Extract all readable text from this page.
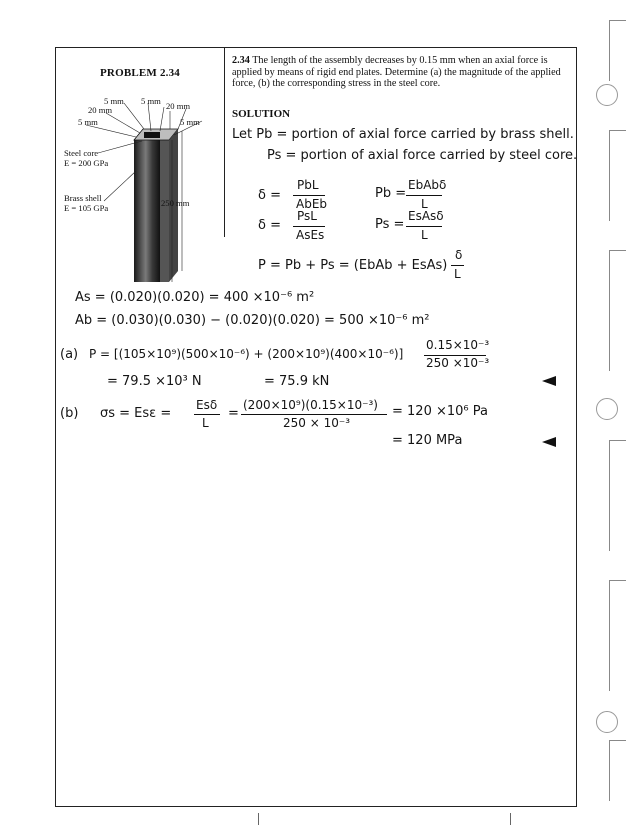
PROBLEM 2.34
2.34 The length of the assembly decreases by 0.15 mm when an axial force is applied by means of rigid end plates. Determine (a) the magnitude of the applied force, (b) the corresponding stress in the steel core.
5 mm 5 mm
20 mm	20 mm
5 mm	5 mm
Steel core
E = 200 GPa
Brass shell
E = 105 GPa	250 mm
SOLUTION
Let Pb = portion of axial force carried by brass shell.
Ps = portion of axial force carried by steel core.
δ =
PbL
AbEb
Pb =
EbAbδ
L
δ =
PsL
AsEs
Ps =
EsAsδ
L
P = Pb + Ps = (EbAb + EsAs)
δ
L
As = (0.020)(0.020) = 400 ×10⁻⁶ m²
Ab = (0.030)(0.030) − (0.020)(0.020) = 500 ×10⁻⁶ m²
(a) P = [(105×10⁹)(500×10⁻⁶) + (200×10⁹)(400×10⁻⁶)]
0.15×10⁻³
250 ×10⁻³
= 79.5 ×10³ N	= 75.9 kN
(b) σs = Esε =
Esδ
L
=
(200×10⁹)(0.15×10⁻³)
250 × 10⁻³
= 120 ×10⁶ Pa
= 120 MPa
